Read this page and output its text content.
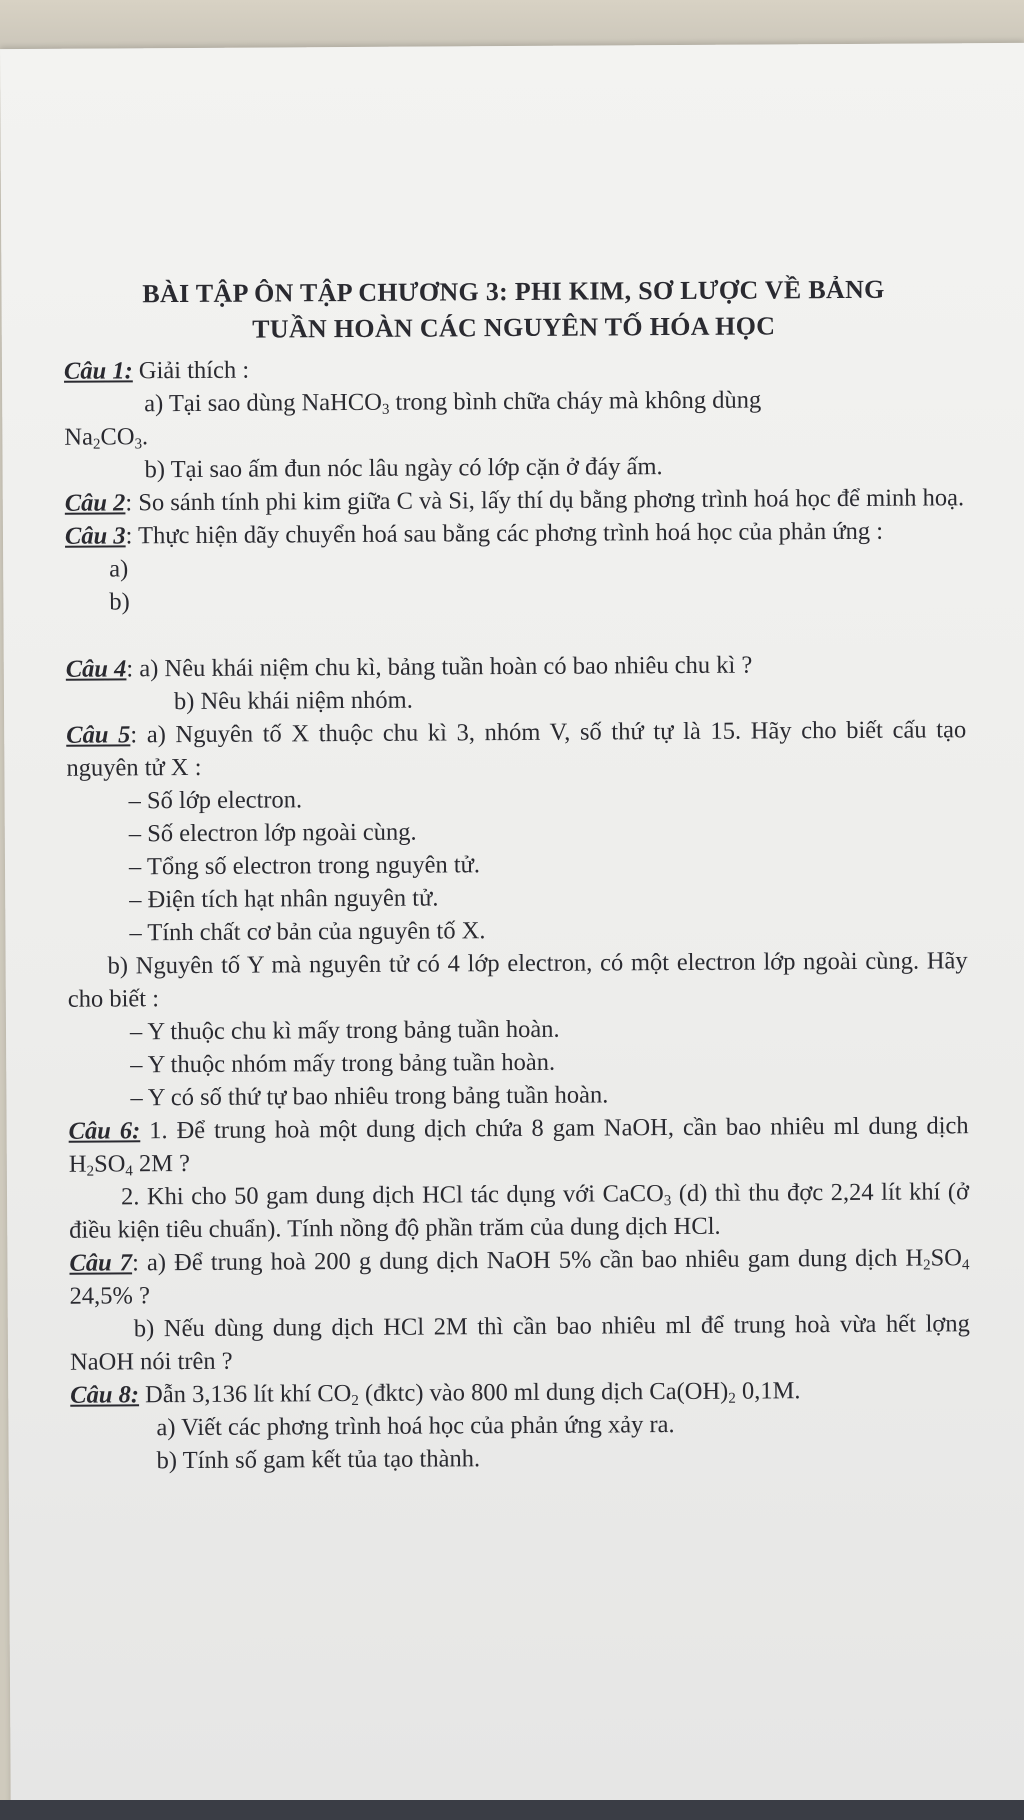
BÀI TẬP ÔN TẬP CHƯƠNG 3: PHI KIM, SƠ LƯỢC VỀ BẢNG
TUẦN HOÀN CÁC NGUYÊN TỐ HÓA HỌC
Câu 1: Giải thích :
a) Tại sao dùng NaHCO$_3$ trong bình chữa cháy mà không dùng
$Na_2CO_3$.
b) Tại sao ấm đun nóc lâu ngày có lớp cặn ở đáy ấm.
Câu 2: So sánh tính phi kim giữa C và Si, lấy thí dụ bằng phơng trình hoá học để minh hoạ.
Câu 3: Thực hiện dãy chuyển hoá sau bằng các phơng trình hoá học của phản ứng :
a)
b)
Câu 4: a) Nêu khái niệm chu kì, bảng tuần hoàn có bao nhiêu chu kì ?
b) Nêu khái niệm nhóm.
Câu 5: a) Nguyên tố X thuộc chu kì 3, nhóm V, số thứ tự là 15. Hãy cho biết cấu tạo nguyên tử X :
– Số lớp electron.
– Số electron lớp ngoài cùng.
– Tổng số electron trong nguyên tử.
– Điện tích hạt nhân nguyên tử.
– Tính chất cơ bản của nguyên tố X.
b) Nguyên tố Y mà nguyên tử có 4 lớp electron, có một electron lớp ngoài cùng. Hãy cho biết :
– Y thuộc chu kì mấy trong bảng tuần hoàn.
– Y thuộc nhóm mấy trong bảng tuần hoàn.
– Y có số thứ tự bao nhiêu trong bảng tuần hoàn.
Câu 6: 1. Để trung hoà một dung dịch chứa 8 gam NaOH, cần bao nhiêu ml dung dịch $H_2SO_4$ 2M ?
2. Khi cho 50 gam dung dịch HCl tác dụng với CaCO$_3$ (d) thì thu đợc 2,24 lít khí (ở điều kiện tiêu chuẩn). Tính nồng độ phần trăm của dung dịch HCl.
Câu 7: a) Để trung hoà 200 g dung dịch NaOH 5% cần bao nhiêu gam dung dịch $H_2SO_4$ 24,5% ?
b) Nếu dùng dung dịch HCl 2M thì cần bao nhiêu ml để trung hoà vừa hết lợng NaOH nói trên ?
Câu 8: Dẫn 3,136 lít khí $CO_2$ (đktc) vào 800 ml dung dịch $Ca(OH)_2$ 0,1M.
a) Viết các phơng trình hoá học của phản ứng xảy ra.
b) Tính số gam kết tủa tạo thành.
